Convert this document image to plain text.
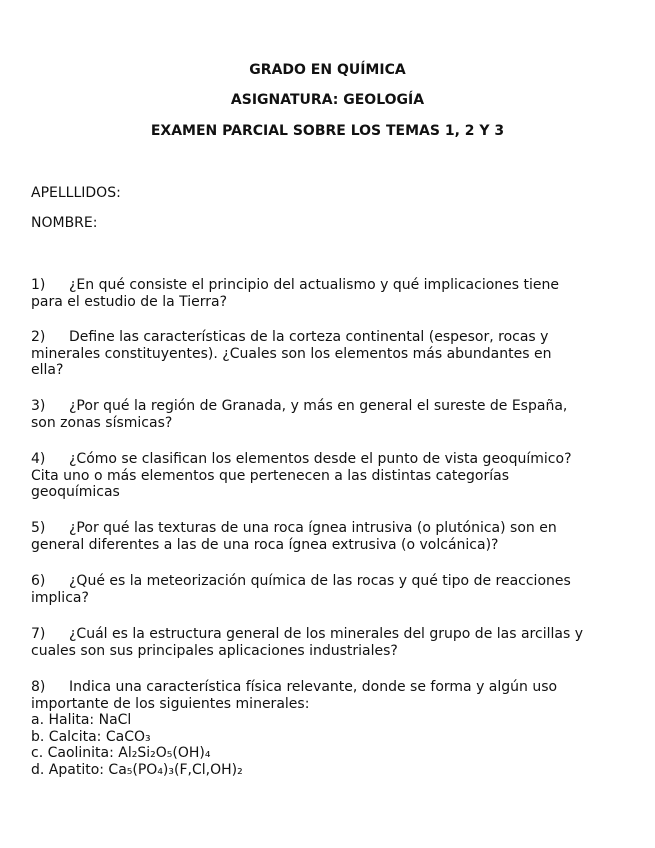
GRADO EN QUÍMICA
ASIGNATURA: GEOLOGÍA
EXAMEN PARCIAL SOBRE LOS TEMAS 1, 2 Y 3
APELLLIDOS:
NOMBRE:
1) ¿En qué consiste el principio del actualismo y qué implicaciones tiene
para el estudio de la Tierra?
2) Define las características de la corteza continental (espesor, rocas y
minerales constituyentes). ¿Cuales son los elementos más abundantes en
ella?
3) ¿Por qué la región de Granada, y más en general el sureste de España,
son zonas sísmicas?
4) ¿Cómo se clasifican los elementos desde el punto de vista geoquímico?
Cita uno o más elementos que pertenecen a las distintas categorías
geoquímicas
5) ¿Por qué las texturas de una roca ígnea intrusiva (o plutónica) son en
general diferentes a las de una roca ígnea extrusiva (o volcánica)?
6) ¿Qué es la meteorización química de las rocas y qué tipo de reacciones
implica?
7) ¿Cuál es la estructura general de los minerales del grupo de las arcillas y
cuales son sus principales aplicaciones industriales?
8) Indica una característica física relevante, donde se forma y algún uso
importante de los siguientes minerales:
a. Halita: NaCl
b. Calcita: CaCO₃
c. Caolinita: Al₂Si₂O₅(OH)₄
d. Apatito: Ca₅(PO₄)₃(F,Cl,OH)₂
